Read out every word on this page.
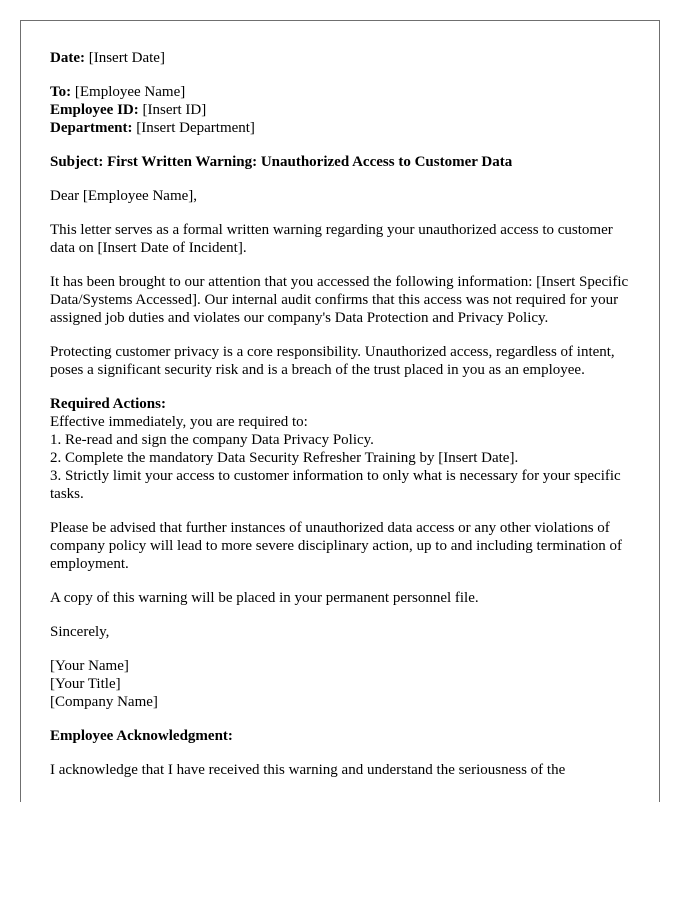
Date: [Insert Date]
To: [Employee Name]
Employee ID: [Insert ID]
Department: [Insert Department]

Subject: First Written Warning: Unauthorized Access to Customer Data

Dear [Employee Name],

This letter serves as a formal written warning regarding your unauthorized access to customer data on [Insert Date of Incident].

It has been brought to our attention that you accessed the following information: [Insert Specific Data/Systems Accessed]. Our internal audit confirms that this access was not required for your assigned job duties and violates our company's Data Protection and Privacy Policy.

Protecting customer privacy is a core responsibility. Unauthorized access, regardless of intent, poses a significant security risk and is a breach of the trust placed in you as an employee.

Required Actions:
Effective immediately, you are required to:
1. Re-read and sign the company Data Privacy Policy.
2. Complete the mandatory Data Security Refresher Training by [Insert Date].
3. Strictly limit your access to customer information to only what is necessary for your specific tasks.

Please be advised that further instances of unauthorized data access or any other violations of company policy will lead to more severe disciplinary action, up to and including termination of employment.

A copy of this warning will be placed in your permanent personnel file.

Sincerely,

[Your Name]
[Your Title]
[Company Name]

Employee Acknowledgment:

I acknowledge that I have received this warning and understand the seriousness of the
